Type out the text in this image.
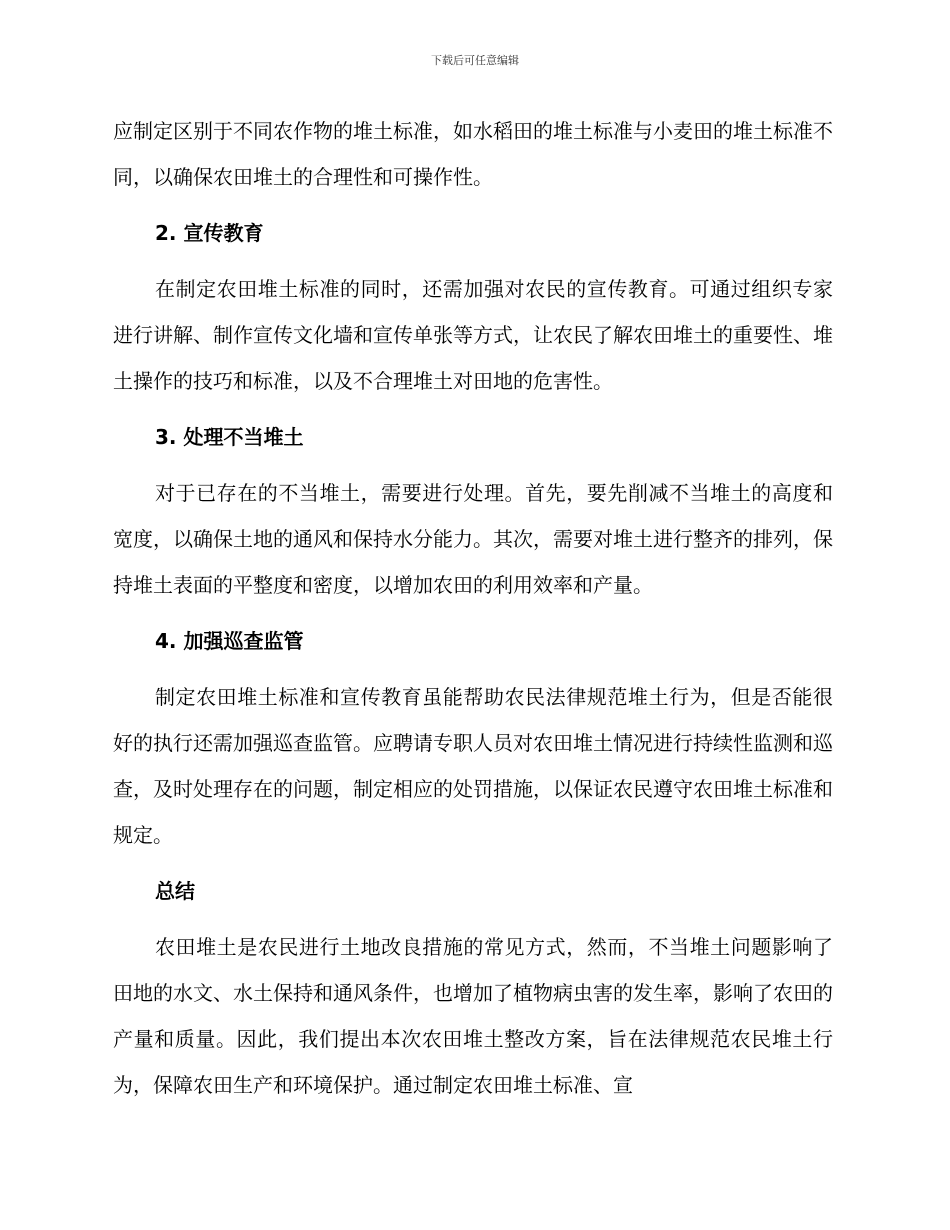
下载后可任意编辑

应制定区别于不同农作物的堆土标准，如水稻田的堆土标准与小麦田的堆土标准不同，以确保农田堆土的合理性和可操作性。

2. 宣传教育

在制定农田堆土标准的同时，还需加强对农民的宣传教育。可通过组织专家进行讲解、制作宣传文化墙和宣传单张等方式，让农民了解农田堆土的重要性、堆土操作的技巧和标准，以及不合理堆土对田地的危害性。

3. 处理不当堆土

对于已存在的不当堆土，需要进行处理。首先，要先削减不当堆土的高度和宽度，以确保土地的通风和保持水分能力。其次，需要对堆土进行整齐的排列，保持堆土表面的平整度和密度，以增加农田的利用效率和产量。

4. 加强巡查监管

制定农田堆土标准和宣传教育虽能帮助农民法律规范堆土行为，但是否能很好的执行还需加强巡查监管。应聘请专职人员对农田堆土情况进行持续性监测和巡查，及时处理存在的问题，制定相应的处罚措施，以保证农民遵守农田堆土标准和规定。

总结

农田堆土是农民进行土地改良措施的常见方式，然而，不当堆土问题影响了田地的水文、水土保持和通风条件，也增加了植物病虫害的发生率，影响了农田的产量和质量。因此，我们提出本次农田堆土整改方案，旨在法律规范农民堆土行为，保障农田生产和环境保护。通过制定农田堆土标准、宣
